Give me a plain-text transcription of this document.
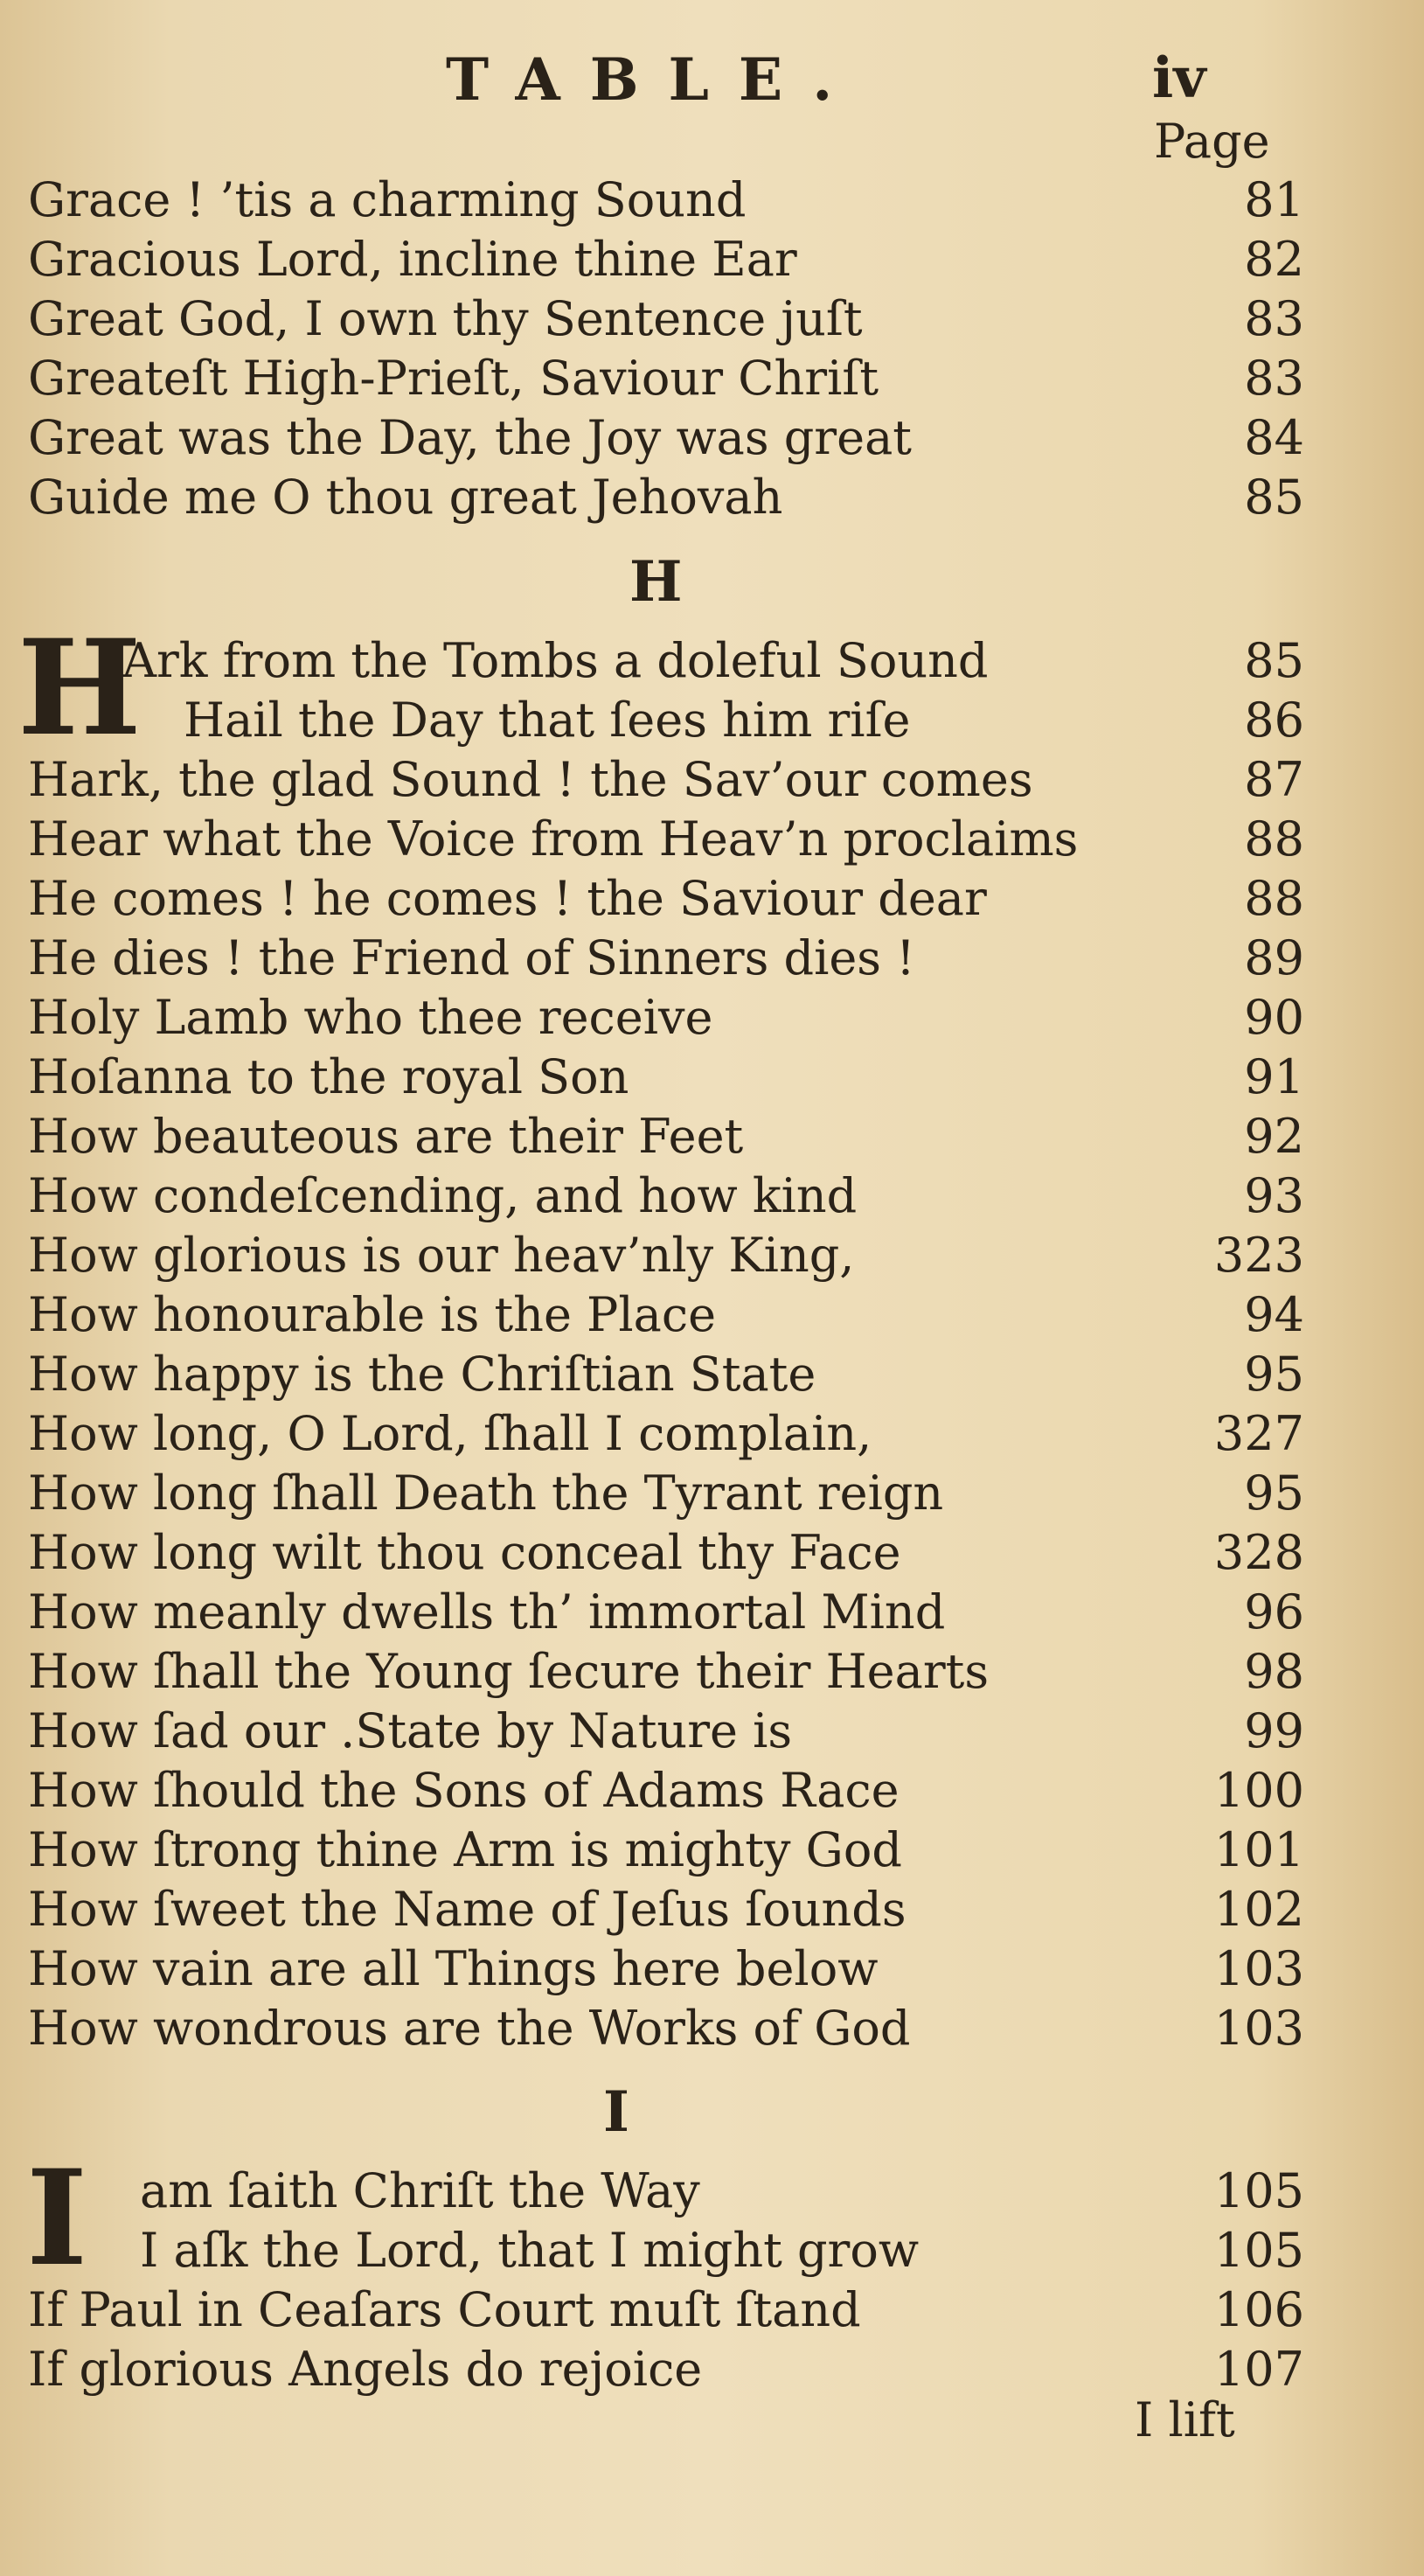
TABLE.	iv
Page
Grace ! ’tis a charming Sound	81
Gracious Lord, incline thine Ear	82
Great God, I own thy Sentence juſt	83
Greateſt High-Prieſt, Saviour Chriſt	83
Great was the Day, the Joy was great	84
Guide me O thou great Jehovah	85
H
H
Ark from the Tombs a doleful Sound	85
Hail the Day that ſees him riſe	86
Hark, the glad Sound ! the Sav’our comes	87
Hear what the Voice from Heav’n proclaims	88
He comes ! he comes ! the Saviour dear	88
He dies ! the Friend of Sinners dies !	89
Holy Lamb who thee receive	90
Hoſanna to the royal Son	91
How beauteous are their Feet	92
How condeſcending, and how kind	93
How glorious is our heav’nly King,	323
How honourable is the Place	94
How happy is the Chriſtian State	95
How long, O Lord, ſhall I complain,	327
How long ſhall Death the Tyrant reign	95
How long wilt thou conceal thy Face	328
How meanly dwells th’ immortal Mind	96
How ſhall the Young ſecure their Hearts	98
How ſad our .State by Nature is	99
How ſhould the Sons of Adams Race	100
How ſtrong thine Arm is mighty God	101
How ſweet the Name of Jeſus ſounds	102
How vain are all Things here below	103
How wondrous are the Works of God	103
I
I am ſaith Chriſt the Way	105
I aſk the Lord, that I might grow	105
If Paul in Ceaſars Court muſt ſtand	106
If glorious Angels do rejoice	107
I lift
